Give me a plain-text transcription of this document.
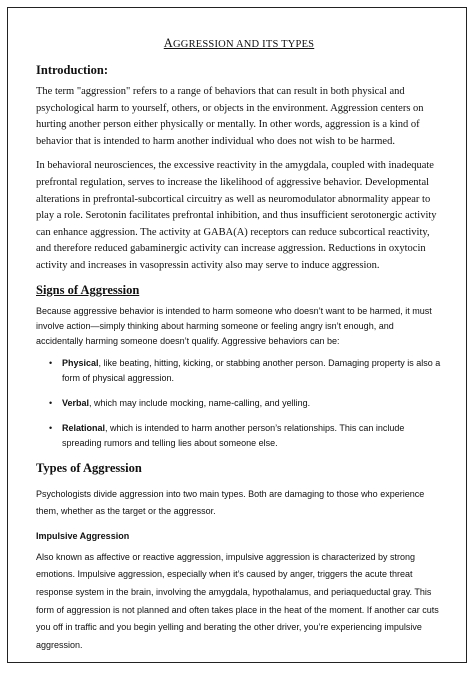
AGGRESSION AND ITS TYPES
Introduction:

The term "aggression" refers to a range of behaviors that can result in both physical and psychological harm to yourself, others, or objects in the environment. Aggression centers on hurting another person either physically or mentally. In other words, aggression is a kind of behavior that is intended to harm another individual who does not wish to be harmed.

In behavioral neurosciences, the excessive reactivity in the amygdala, coupled with inadequate prefrontal regulation, serves to increase the likelihood of aggressive behavior. Developmental alterations in prefrontal-subcortical circuitry as well as neuromodulator abnormality appear to play a role. Serotonin facilitates prefrontal inhibition, and thus insufficient serotonergic activity can enhance aggression. The activity at GABA(A) receptors can reduce subcortical reactivity, and therefore reduced gabaminergic activity can increase aggression. Reductions in oxytocin activity and increases in vasopressin activity also may serve to induce aggression.

Signs of Aggression

Because aggressive behavior is intended to harm someone who doesn’t want to be harmed, it must involve action—simply thinking about harming someone or feeling angry isn’t enough, and accidentally harming someone doesn’t qualify. Aggressive behaviors can be:

• Physical, like beating, hitting, kicking, or stabbing another person. Damaging property is also a form of physical aggression.
• Verbal, which may include mocking, name-calling, and yelling.
• Relational, which is intended to harm another person’s relationships. This can include spreading rumors and telling lies about someone else.
Types of Aggression

Psychologists divide aggression into two main types. Both are damaging to those who experience them, whether as the target or the aggressor.

Impulsive Aggression

Also known as affective or reactive aggression, impulsive aggression is characterized by strong emotions. Impulsive aggression, especially when it’s caused by anger, triggers the acute threat response system in the brain, involving the amygdala, hypothalamus, and periaqueductal gray. This form of aggression is not planned and often takes place in the heat of the moment. If another car cuts you off in traffic and you begin yelling and berating the other driver, you’re experiencing impulsive aggression.
